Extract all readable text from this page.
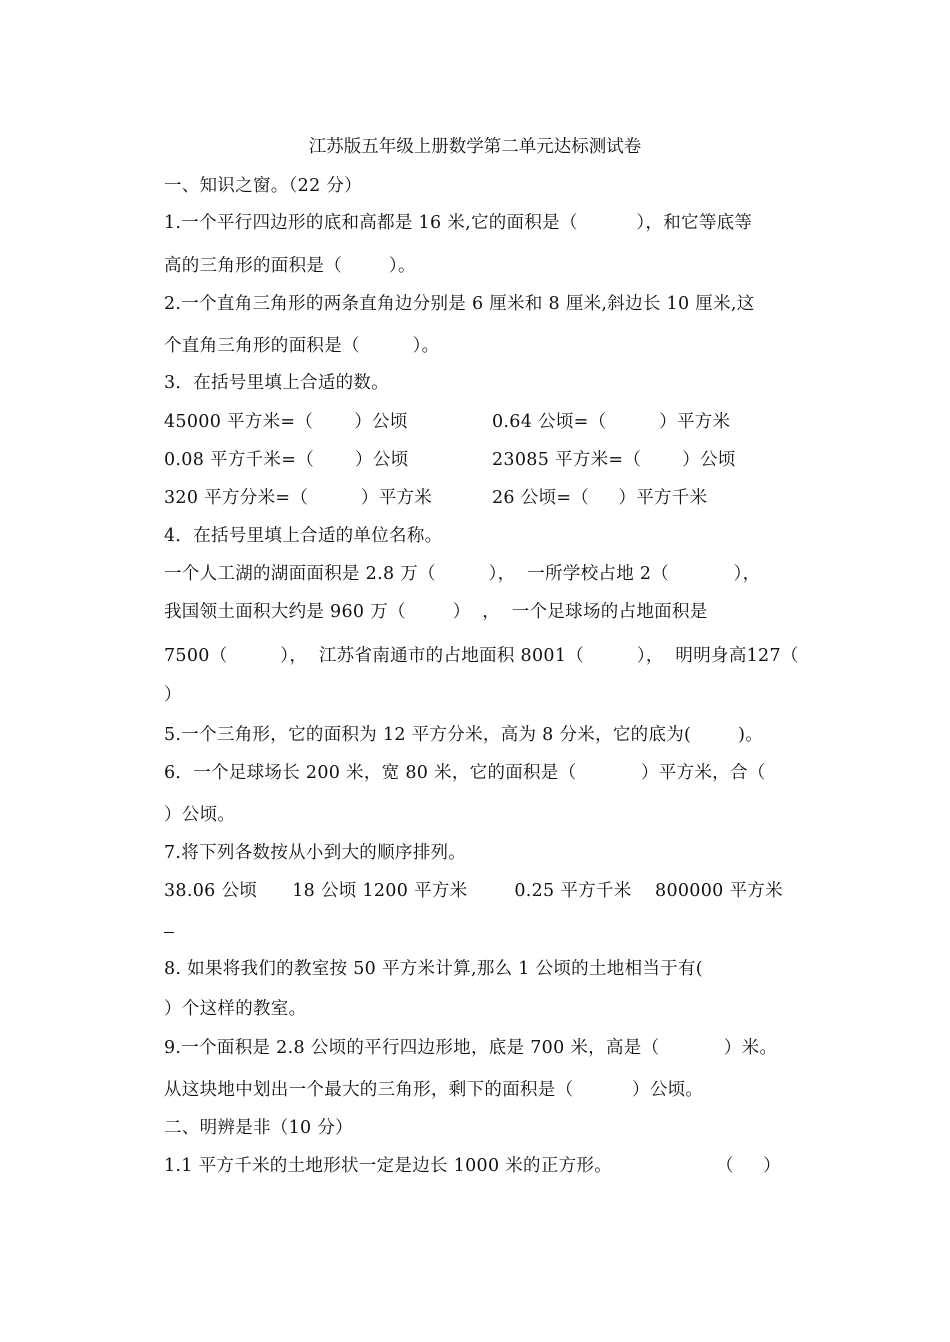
江苏版五年级上册数学第二单元达标测试卷
一、知识之窗。（22 分）
1.一个平行四边形的底和高都是 16 米,它的面积是（          ），和它等底等
高的三角形的面积是（        ）。
2.一个直角三角形的两条直角边分别是 6 厘米和 8 厘米,斜边长 10 厘米,这
个直角三角形的面积是（         ）。
3．在括号里填上合适的数。
45000 平方米=（       ）公顷	0.64 公顷=（         ）平方米
0.08 平方千米=（       ）公顷	23085 平方米=（       ）公顷
320 平方分米=（         ）平方米	26 公顷=（     ）平方千米
4．在括号里填上合适的单位名称。
一个人工湖的湖面面积是 2.8 万（         ），  一所学校占地 2（           ），
我国领土面积大约是 960 万（        ）  ，  一个足球场的占地面积是
7500（         ），  江苏省南通市的占地面积 8001（         ），  明明身高127（
）
5.一个三角形，它的面积为 12 平方分米，高为 8 分米，它的底为(        )。
6．一个足球场长 200 米，宽 80 米，它的面积是（           ）平方米，合（
）公顷。
7.将下列各数按从小到大的顺序排列。
38.06 公顷      18 公顷 1200 平方米        0.25 平方千米    800000 平方米
8. 如果将我们的教室按 50 平方米计算,那么 1 公顷的土地相当于有(
）个这样的教室。
9.一个面积是 2.8 公顷的平行四边形地，底是 700 米，高是（           ）米。
从这块地中划出一个最大的三角形，剩下的面积是（          ）公顷。
二、明辨是非（10 分）
1.1 平方千米的土地形状一定是边长 1000 米的正方形。	（     ）
